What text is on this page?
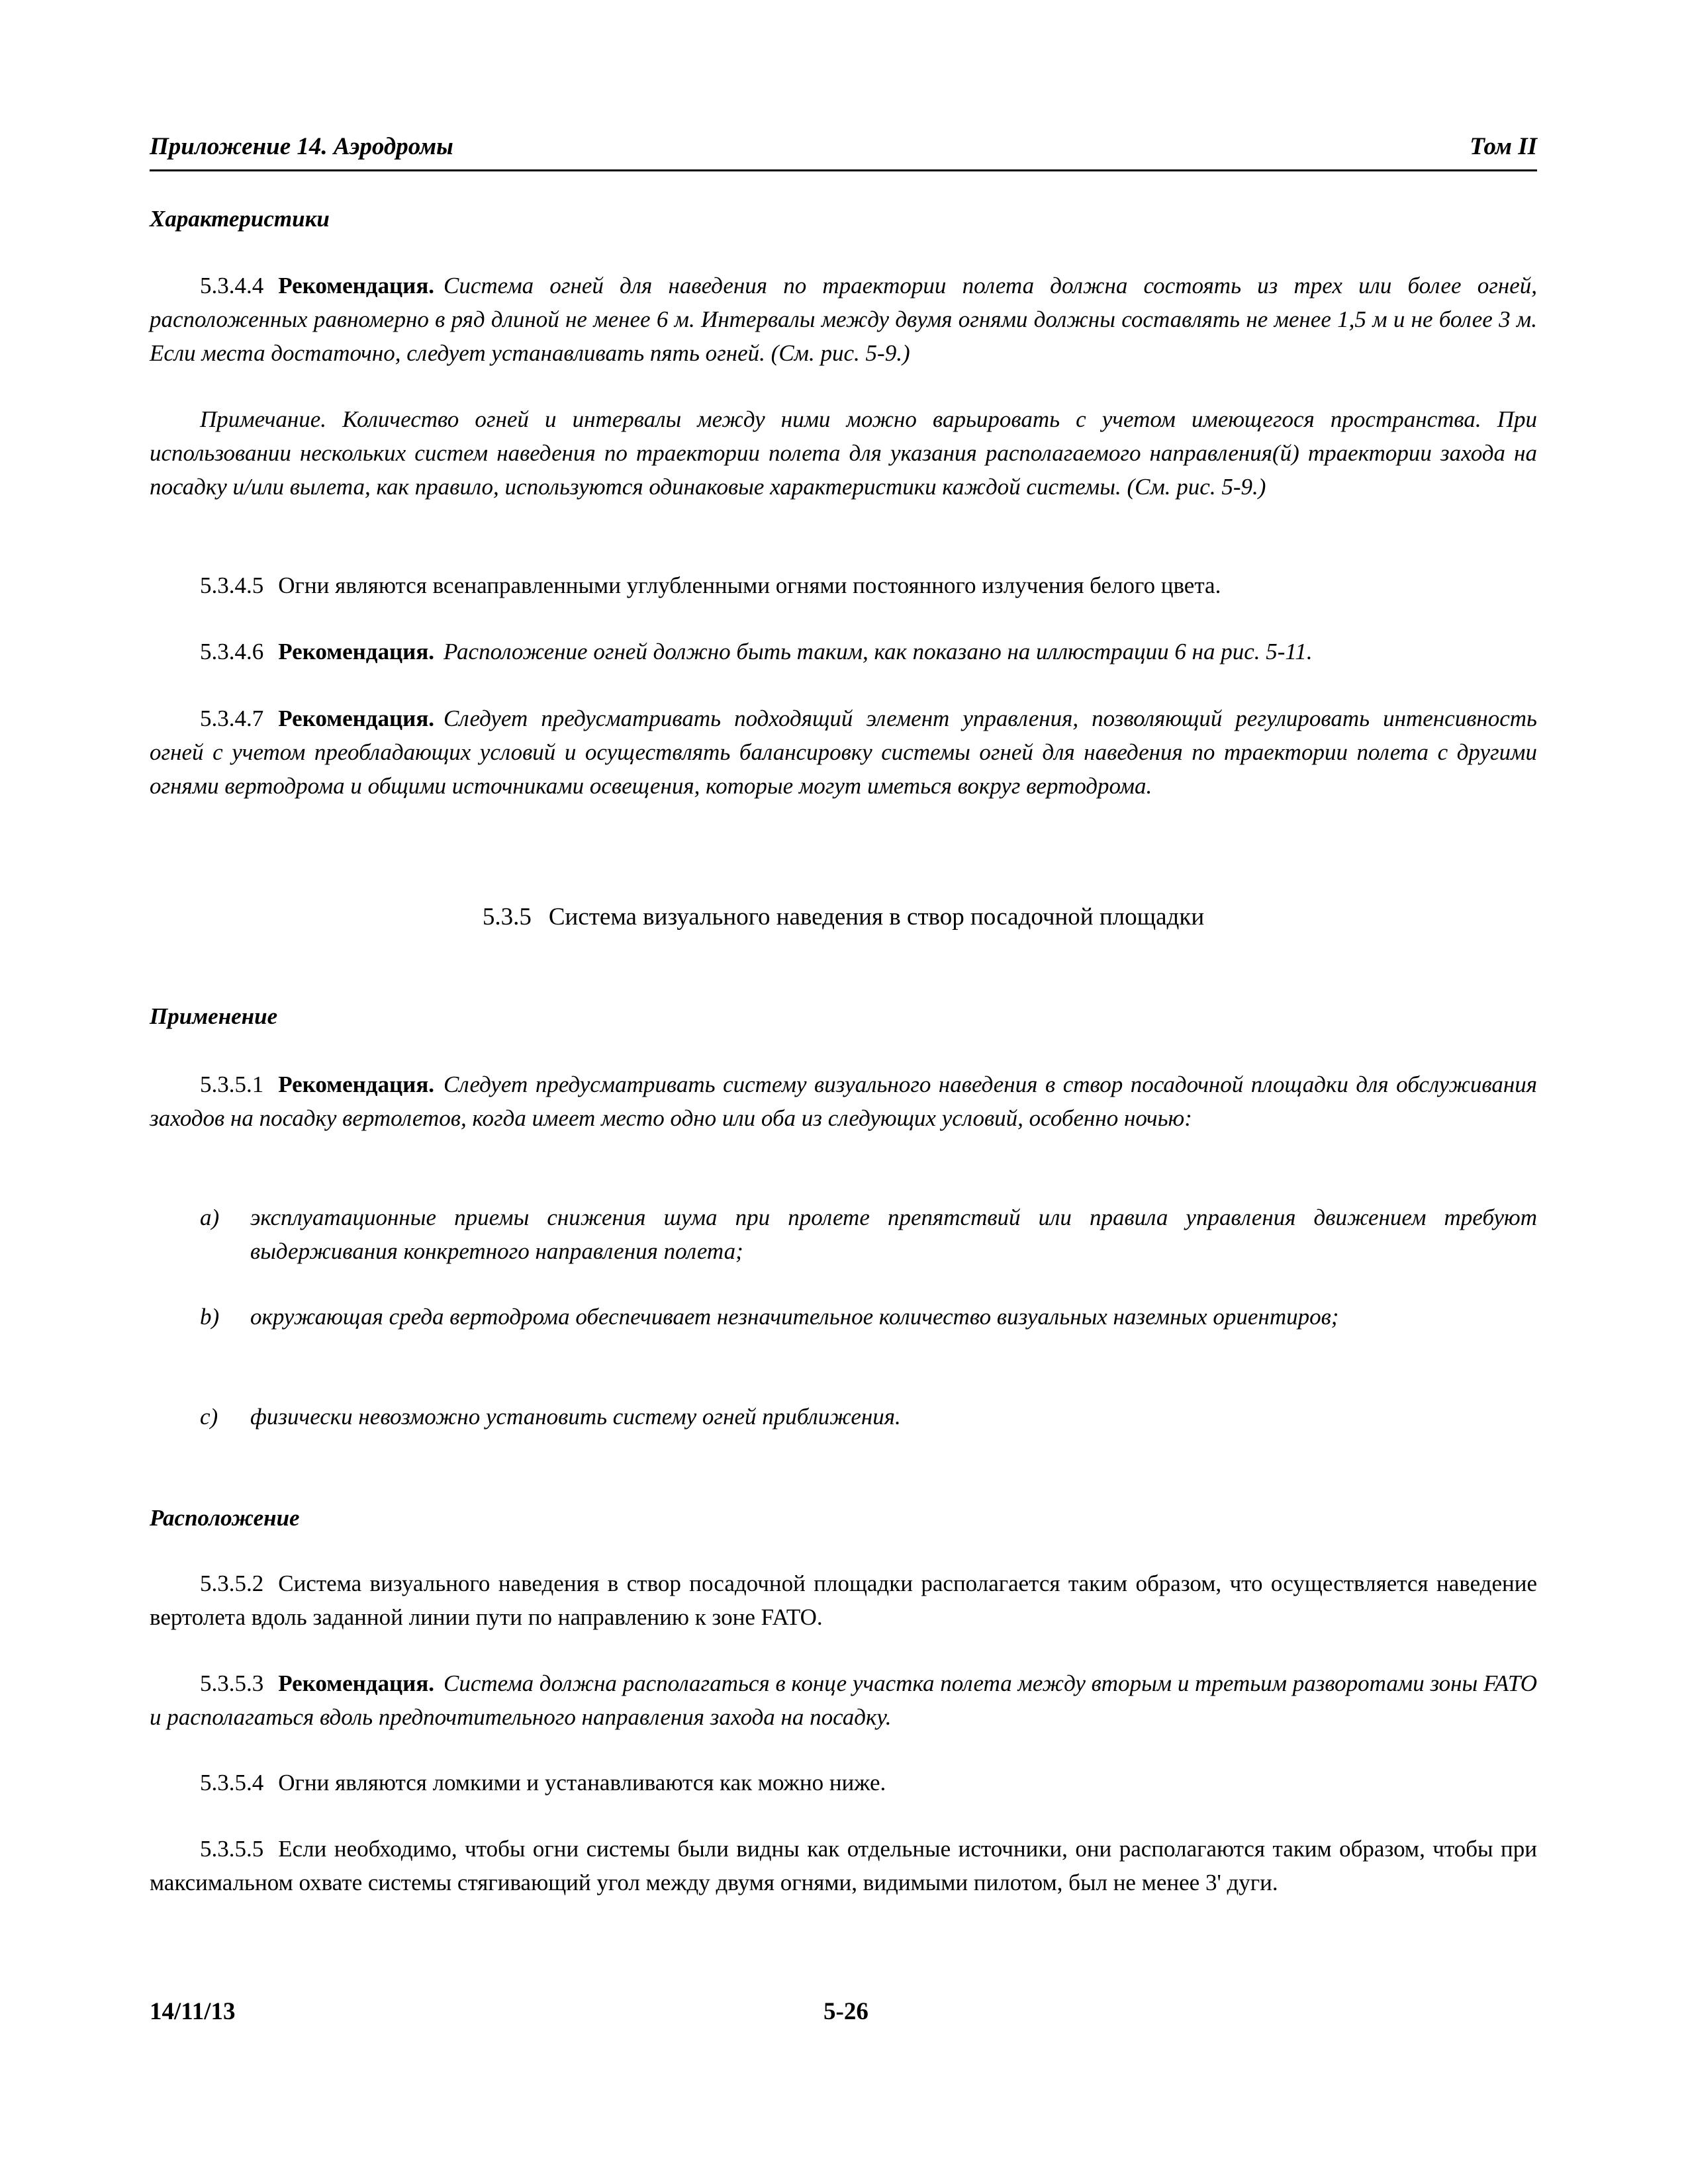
Приложение 14. Аэродромы	Том II
Характеристики
5.3.4.4 Рекомендация. Система огней для наведения по траектории полета должна состоять из трех или более огней, расположенных равномерно в ряд длиной не менее 6 м. Интервалы между двумя огнями должны составлять не менее 1,5 м и не более 3 м. Если места достаточно, следует устанавливать пять огней. (См. рис. 5-9.)
Примечание. Количество огней и интервалы между ними можно варьировать с учетом имеющегося пространства. При использовании нескольких систем наведения по траектории полета для указания располагаемого направления(й) траектории захода на посадку и/или вылета, как правило, используются одинаковые характеристики каждой системы. (См. рис. 5-9.)
5.3.4.5 Огни являются всенаправленными углубленными огнями постоянного излучения белого цвета.
5.3.4.6 Рекомендация. Расположение огней должно быть таким, как показано на иллюстрации 6 на рис. 5-11.
5.3.4.7 Рекомендация. Следует предусматривать подходящий элемент управления, позволяющий регулировать интенсивность огней с учетом преобладающих условий и осуществлять балансировку системы огней для наведения по траектории полета с другими огнями вертодрома и общими источниками освещения, которые могут иметься вокруг вертодрома.
5.3.5 Система визуального наведения в створ посадочной площадки
Применение
5.3.5.1 Рекомендация. Следует предусматривать систему визуального наведения в створ посадочной площадки для обслуживания заходов на посадку вертолетов, когда имеет место одно или оба из следующих условий, особенно ночью:
a) эксплуатационные приемы снижения шума при пролете препятствий или правила управления движением требуют выдерживания конкретного направления полета;
b) окружающая среда вертодрома обеспечивает незначительное количество визуальных наземных ориентиров;
c) физически невозможно установить систему огней приближения.
Расположение
5.3.5.2 Система визуального наведения в створ посадочной площадки располагается таким образом, что осуществляется наведение вертолета вдоль заданной линии пути по направлению к зоне FATO.
5.3.5.3 Рекомендация. Система должна располагаться в конце участка полета между вторым и третьим разворотами зоны FATO и располагаться вдоль предпочтительного направления захода на посадку.
5.3.5.4 Огни являются ломкими и устанавливаются как можно ниже.
5.3.5.5 Если необходимо, чтобы огни системы были видны как отдельные источники, они располагаются таким образом, чтобы при максимальном охвате системы стягивающий угол между двумя огнями, видимыми пилотом, был не менее 3' дуги.
14/11/13	5-26
